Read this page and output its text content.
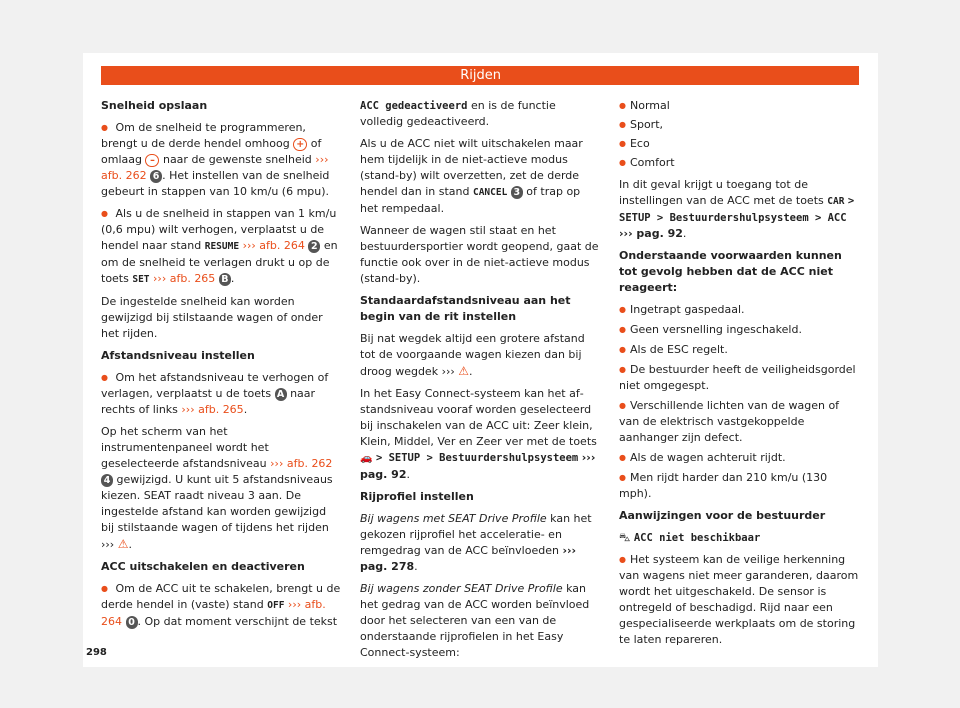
Rijden

Snelheid opslaan

● Om de snelheid te programmeren, brengt u de derde hendel omhoog + of omlaag – naar de gewenste snelheid ››› afb. 262 6 . Het instellen van de snelheid gebeurt in stappen van 10 km/u (6 mpu).

● Als u de snelheid in stappen van 1 km/u (0,6 mpu) wilt verhogen, verplaatst u de hendel naar stand RESUME ››› afb. 264 2 en om de snelheid te verlagen drukt u op de toets SET ››› afb. 265 B .

De ingestelde snelheid kan worden gewijzigd bij stilstaande wagen of onder het rijden.

Afstandsniveau instellen

● Om het afstandsniveau te verhogen of verlagen, verplaatst u de toets A naar rechts of links ››› afb. 265.

Op het scherm van het instrumentenpaneel wordt het geselecteerde afstandsniveau ››› afb. 262 4 gewijzigd. U kunt uit 5 afstandsniveaus kiezen. SEAT raadt niveau 3 aan. De ingestelde afstand kan worden gewijzigd bij stilstaande wagen of tijdens het rijden ››› ⚠.

ACC uitschakelen en deactiveren

● Om de ACC uit te schakelen, brengt u de derde hendel in (vaste) stand OFF ››› afb. 264 0 . Op dat moment verschijnt de tekst

ACC gedeactiveerd en is de functie volledig gedeactiveerd.

Als u de ACC niet wilt uitschakelen maar hem tijdelijk in de niet-actieve modus (stand-by) wilt overzetten, zet de derde hendel dan in stand CANCEL 3 of trap op het rempedaal.

Wanneer de wagen stil staat en het bestuurdersportier wordt geopend, gaat de functie ook over in de niet-actieve modus (stand-by).

Standaardafstandsniveau aan het begin van de rit instellen

Bij nat wegdek altijd een grotere afstand tot de voorgaande wagen kiezen dan bij droog wegdek ››› ⚠.

In het Easy Connect-systeem kan het afstandsniveau vooraf worden geselecteerd bij inschakelen van de ACC uit: Zeer klein, Klein, Middel, Ver en Zeer ver met de toets 🚗 > SETUP > Bestuurdershulpsysteem ››› pag. 92.

Rijprofiel instellen

Bij wagens met SEAT Drive Profile kan het gekozen rijprofiel het acceleratie- en remgedrag van de ACC beïnvloeden ››› pag. 278.

Bij wagens zonder SEAT Drive Profile kan het gedrag van de ACC worden beïnvloed door het selecteren van een van de onderstaande rijprofielen in het Easy Connect-systeem:

● Normal

● Sport,

● Eco

● Comfort

In dit geval krijgt u toegang tot de instellingen van de ACC met de toets CAR > SETUP > Bestuurdershulpsysteem > ACC ››› pag. 92.

Onderstaande voorwaarden kunnen tot gevolg hebben dat de ACC niet reageert:

● Ingetrapt gaspedaal.

● Geen versnelling ingeschakeld.

● Als de ESC regelt.

● De bestuurder heeft de veiligheidsgordel niet omgegespt.

● Verschillende lichten van de wagen of van de elektrisch vastgekoppelde aanhanger zijn defect.

● Als de wagen achteruit rijdt.

● Men rijdt harder dan 210 km/u (130 mph).

Aanwijzingen voor de bestuurder

⛍ ACC niet beschikbaar

● Het systeem kan de veilige herkenning van wagens niet meer garanderen, daarom wordt het uitgeschakeld. De sensor is ontregeld of beschadigd. Rijd naar een gespecialiseerde werkplaats om de storing te laten repareren.

298
